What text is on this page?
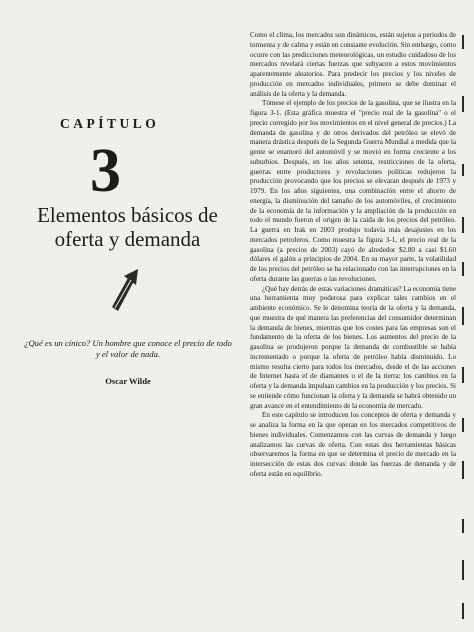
CAPÍTULO
3
Elementos básicos de oferta y demanda
¿Qué es un cínico? Un hombre que conoce el precio de todo y el valor de nada.
Oscar Wilde

Como el clima, los mercados son dinámicos, están sujetos a periodos de tormenta y de calma y están en constante evolución. Sin embargo, como ocurre con las predicciones meteorológicas, un estudio cuidadoso de los mercados revelará ciertas fuerzas que subyacen a estos movimientos aparentemente aleatorios. Para predecir los precios y los niveles de producción en mercados individuales, primero se debe dominar el análisis de la oferta y la demanda.

Tómese el ejemplo de los precios de la gasolina, que se ilustra en la figura 3-1. (Esta gráfica muestra el "precio real de la gasolina" o el precio corregido por los movimientos en el nivel general de precios.) La demanda de gasolina y de otros derivados del petróleo se elevó de manera drástica después de la Segunda Guerra Mundial a medida que la gente se enamoró del automóvil y se movió en forma creciente a los suburbios. Después, en los años setenta, restricciones de la oferta, guerras entre productores y revoluciones políticas redujeron la producción provocando que los precios se elevaran después de 1973 y 1979. En los años siguientes, una combinación entre el ahorro de energía, la disminución del tamaño de los automóviles, el crecimiento de la economía de la información y la ampliación de la producción en todo el mundo fueron el origen de la caída de los precios del petróleo. La guerra en Irak en 2003 produjo todavía más desajustes en los mercados petroleros. Como muestra la figura 3-1, el precio real de la gasolina (a precios de 2003) cayó de alrededor $2.80 a casi $1.60 dólares el galón a principios de 2004. En su mayor parte, la volatilidad de los precios del petróleo se ha relacionado con las interrupciones en la oferta durante las guerras o las revoluciones.

¿Qué hay detrás de estas variaciones dramáticas? La economía tiene una herramienta muy poderosa para explicar tales cambios en el ambiente económico. Se le denomina teoría de la oferta y la demanda, que muestra de qué manera las preferencias del consumidor determinan la demanda de bienes, mientras que los costes para las empresas son el fundamento de la oferta de los bienes. Los aumentos del precio de la gasolina se produjeron porque la demanda de combustible se había incrementado o porque la oferta de petróleo había disminuido. Lo mismo resulta cierto para todos los mercados, desde el de las acciones de Internet hasta el de diamantes o el de la tierra: los cambios en la oferta y la demanda impulsan cambios en la producción y los precios. Si se entiende cómo funcionan la oferta y la demanda se habrá obtenido un gran avance en el entendimiento de la economía de mercado.

En este capítulo se introducen los conceptos de oferta y demanda y se analiza la forma en la que operan en los mercados competitivos de bienes individuales. Comenzamos con las curvas de demanda y luego analizamos las curvas de oferta. Con estas dos herramientas básicas observaremos la forma en que se determina el precio de mercado en la intersección de estas dos curvas: donde las fuerzas de demanda y de oferta están en equilibrio.
